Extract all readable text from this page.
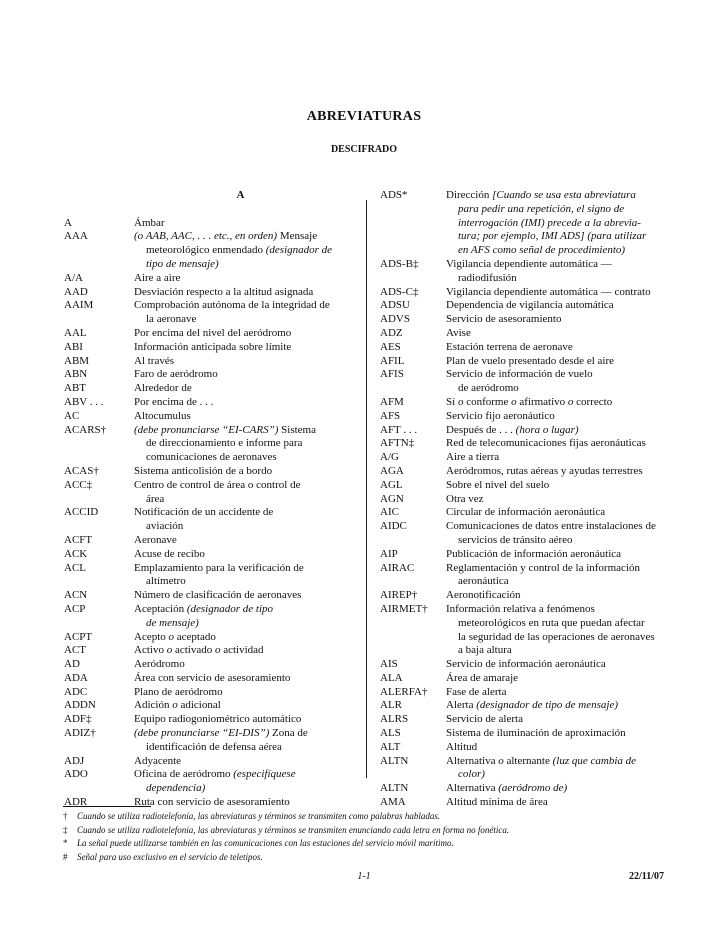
ABREVIATURAS
DESCIFRADO
A
A	Ámbar
AAA	(o AAB, AAC, . . . etc., en orden) Mensaje
meteorológico enmendado (designador de
tipo de mensaje)
A/A	Aire a aire
AAD	Desviación respecto a la altitud asignada
AAIM	Comprobación autónoma de la integridad de
la aeronave
AAL	Por encima del nivel del aeródromo
ABI	Información anticipada sobre límite
ABM	Al través
ABN	Faro de aeródromo
ABT	Alrededor de
ABV . . .	Por encima de . . .
AC	Altocumulus
ACARS†	(debe pronunciarse “EI-CARS”) Sistema
de direccionamiento e informe para
comunicaciones de aeronaves
ACAS†	Sistema anticolisión de a bordo
ACC‡	Centro de control de área o control de
área
ACCID	Notificación de un accidente de
aviación
ACFT	Aeronave
ACK	Acuse de recibo
ACL	Emplazamiento para la verificación de
altímetro
ACN	Número de clasificación de aeronaves
ACP	Aceptación (designador de tipo
de mensaje)
ACPT	Acepto o aceptado
ACT	Activo o activado o actividad
AD	Aeródromo
ADA	Área con servicio de asesoramiento
ADC	Plano de aeródromo
ADDN	Adición o adicional
ADF‡	Equipo radiogoniométrico automático
ADIZ†	(debe pronunciarse “EI-DIS”) Zona de
identificación de defensa aérea
ADJ	Adyacente
ADO	Oficina de aeródromo (especifíquese
dependencia)
ADR	Ruta con servicio de asesoramiento
ADS*	Dirección [Cuando se usa esta abreviatura
para pedir una repetición, el signo de
interrogación (IMI) precede a la abrevia-
tura; por ejemplo, IMI ADS] (para utilizar
en AFS como señal de procedimiento)
ADS-B‡	Vigilancia dependiente automática —
radiodifusión
ADS-C‡	Vigilancia dependiente automática — contrato
ADSU	Dependencia de vigilancia automática
ADVS	Servicio de asesoramiento
ADZ	Avise
AES	Estación terrena de aeronave
AFIL	Plan de vuelo presentado desde el aire
AFIS	Servicio de información de vuelo
de aeródromo
AFM	Sí o conforme o afirmativo o correcto
AFS	Servicio fijo aeronáutico
AFT . . .	Después de . . . (hora o lugar)
AFTN‡	Red de telecomunicaciones fijas aeronáuticas
A/G	Aire a tierra
AGA	Aeródromos, rutas aéreas y ayudas terrestres
AGL	Sobre el nivel del suelo
AGN	Otra vez
AIC	Circular de información aeronáutica
AIDC	Comunicaciones de datos entre instalaciones de
servicios de tránsito aéreo
AIP	Publicación de información aeronáutica
AIRAC	Reglamentación y control de la información
aeronáutica
AIREP†	Aeronotificación
AIRMET†	Información relativa a fenómenos
meteorológicos en ruta que puedan afectar
la seguridad de las operaciones de aeronaves
a baja altura
AIS	Servicio de información aeronáutica
ALA	Área de amaraje
ALERFA†	Fase de alerta
ALR	Alerta (designador de tipo de mensaje)
ALRS	Servicio de alerta
ALS	Sistema de iluminación de aproximación
ALT	Altitud
ALTN	Alternativa o alternante (luz que cambia de
color)
ALTN	Alternativa (aeródromo de)
AMA	Altitud mínima de área
†	Cuando se utiliza radiotelefonía, las abreviaturas y términos se transmiten como palabras habladas.
‡	Cuando se utiliza radiotelefonía, las abreviaturas y términos se transmiten enunciando cada letra en forma no fonética.
*	La señal puede utilizarse también en las comunicaciones con las estaciones del servicio móvil marítimo.
#	Señal para uso exclusivo en el servicio de teletipos.
1-1	22/11/07
